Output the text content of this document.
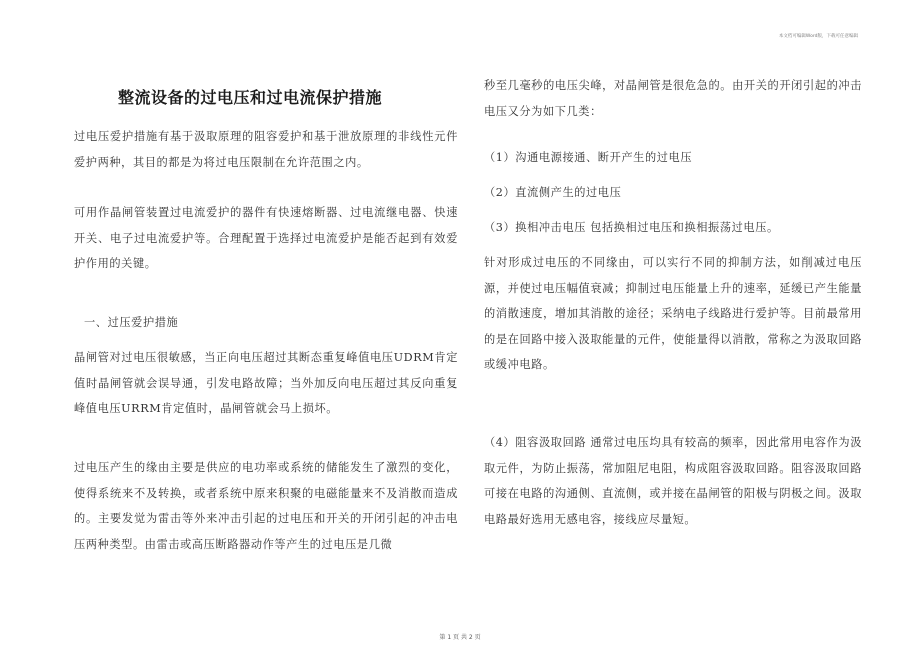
本文档可编辑Word版，下载可任意编辑
整流设备的过电压和过电流保护措施
过电压爱护措施有基于汲取原理的阻容爱护和基于泄放原理的非线性元件爱护两种，其目的都是为将过电压限制在允许范围之内。
可用作晶闸管装置过电流爱护的器件有快速熔断器、过电流继电器、快速开关、电子过电流爱护等。合理配置于选择过电流爱护是能否起到有效爱护作用的关键。
一、过压爱护措施
晶闸管对过电压很敏感，当正向电压超过其断态重复峰值电压UDRM肯定值时晶闸管就会误导通，引发电路故障；当外加反向电压超过其反向重复峰值电压URRM肯定值时，晶闸管就会马上损坏。
过电压产生的缘由主要是供应的电功率或系统的储能发生了激烈的变化，使得系统来不及转换，或者系统中原来积聚的电磁能量来不及消散而造成的。主要发觉为雷击等外来冲击引起的过电压和开关的开闭引起的冲击电压两种类型。由雷击或高压断路器动作等产生的过电压是几微
秒至几毫秒的电压尖峰，对晶闸管是很危急的。由开关的开闭引起的冲击电压又分为如下几类：
（1）沟通电源接通、断开产生的过电压
（2）直流侧产生的过电压
（3）换相冲击电压 包括换相过电压和换相振荡过电压。
针对形成过电压的不同缘由，可以实行不同的抑制方法，如削减过电压源，并使过电压幅值衰减；抑制过电压能量上升的速率，延缓已产生能量的消散速度，增加其消散的途径；采纳电子线路进行爱护等。目前最常用的是在回路中接入汲取能量的元件，使能量得以消散，常称之为汲取回路或缓冲电路。
（4）阻容汲取回路 通常过电压均具有较高的频率，因此常用电容作为汲取元件，为防止振荡，常加阻尼电阻，构成阻容汲取回路。阻容汲取回路可接在电路的沟通侧、直流侧，或并接在晶闸管的阳极与阴极之间。汲取电路最好选用无感电容，接线应尽量短。
第 1 页 共 2 页
